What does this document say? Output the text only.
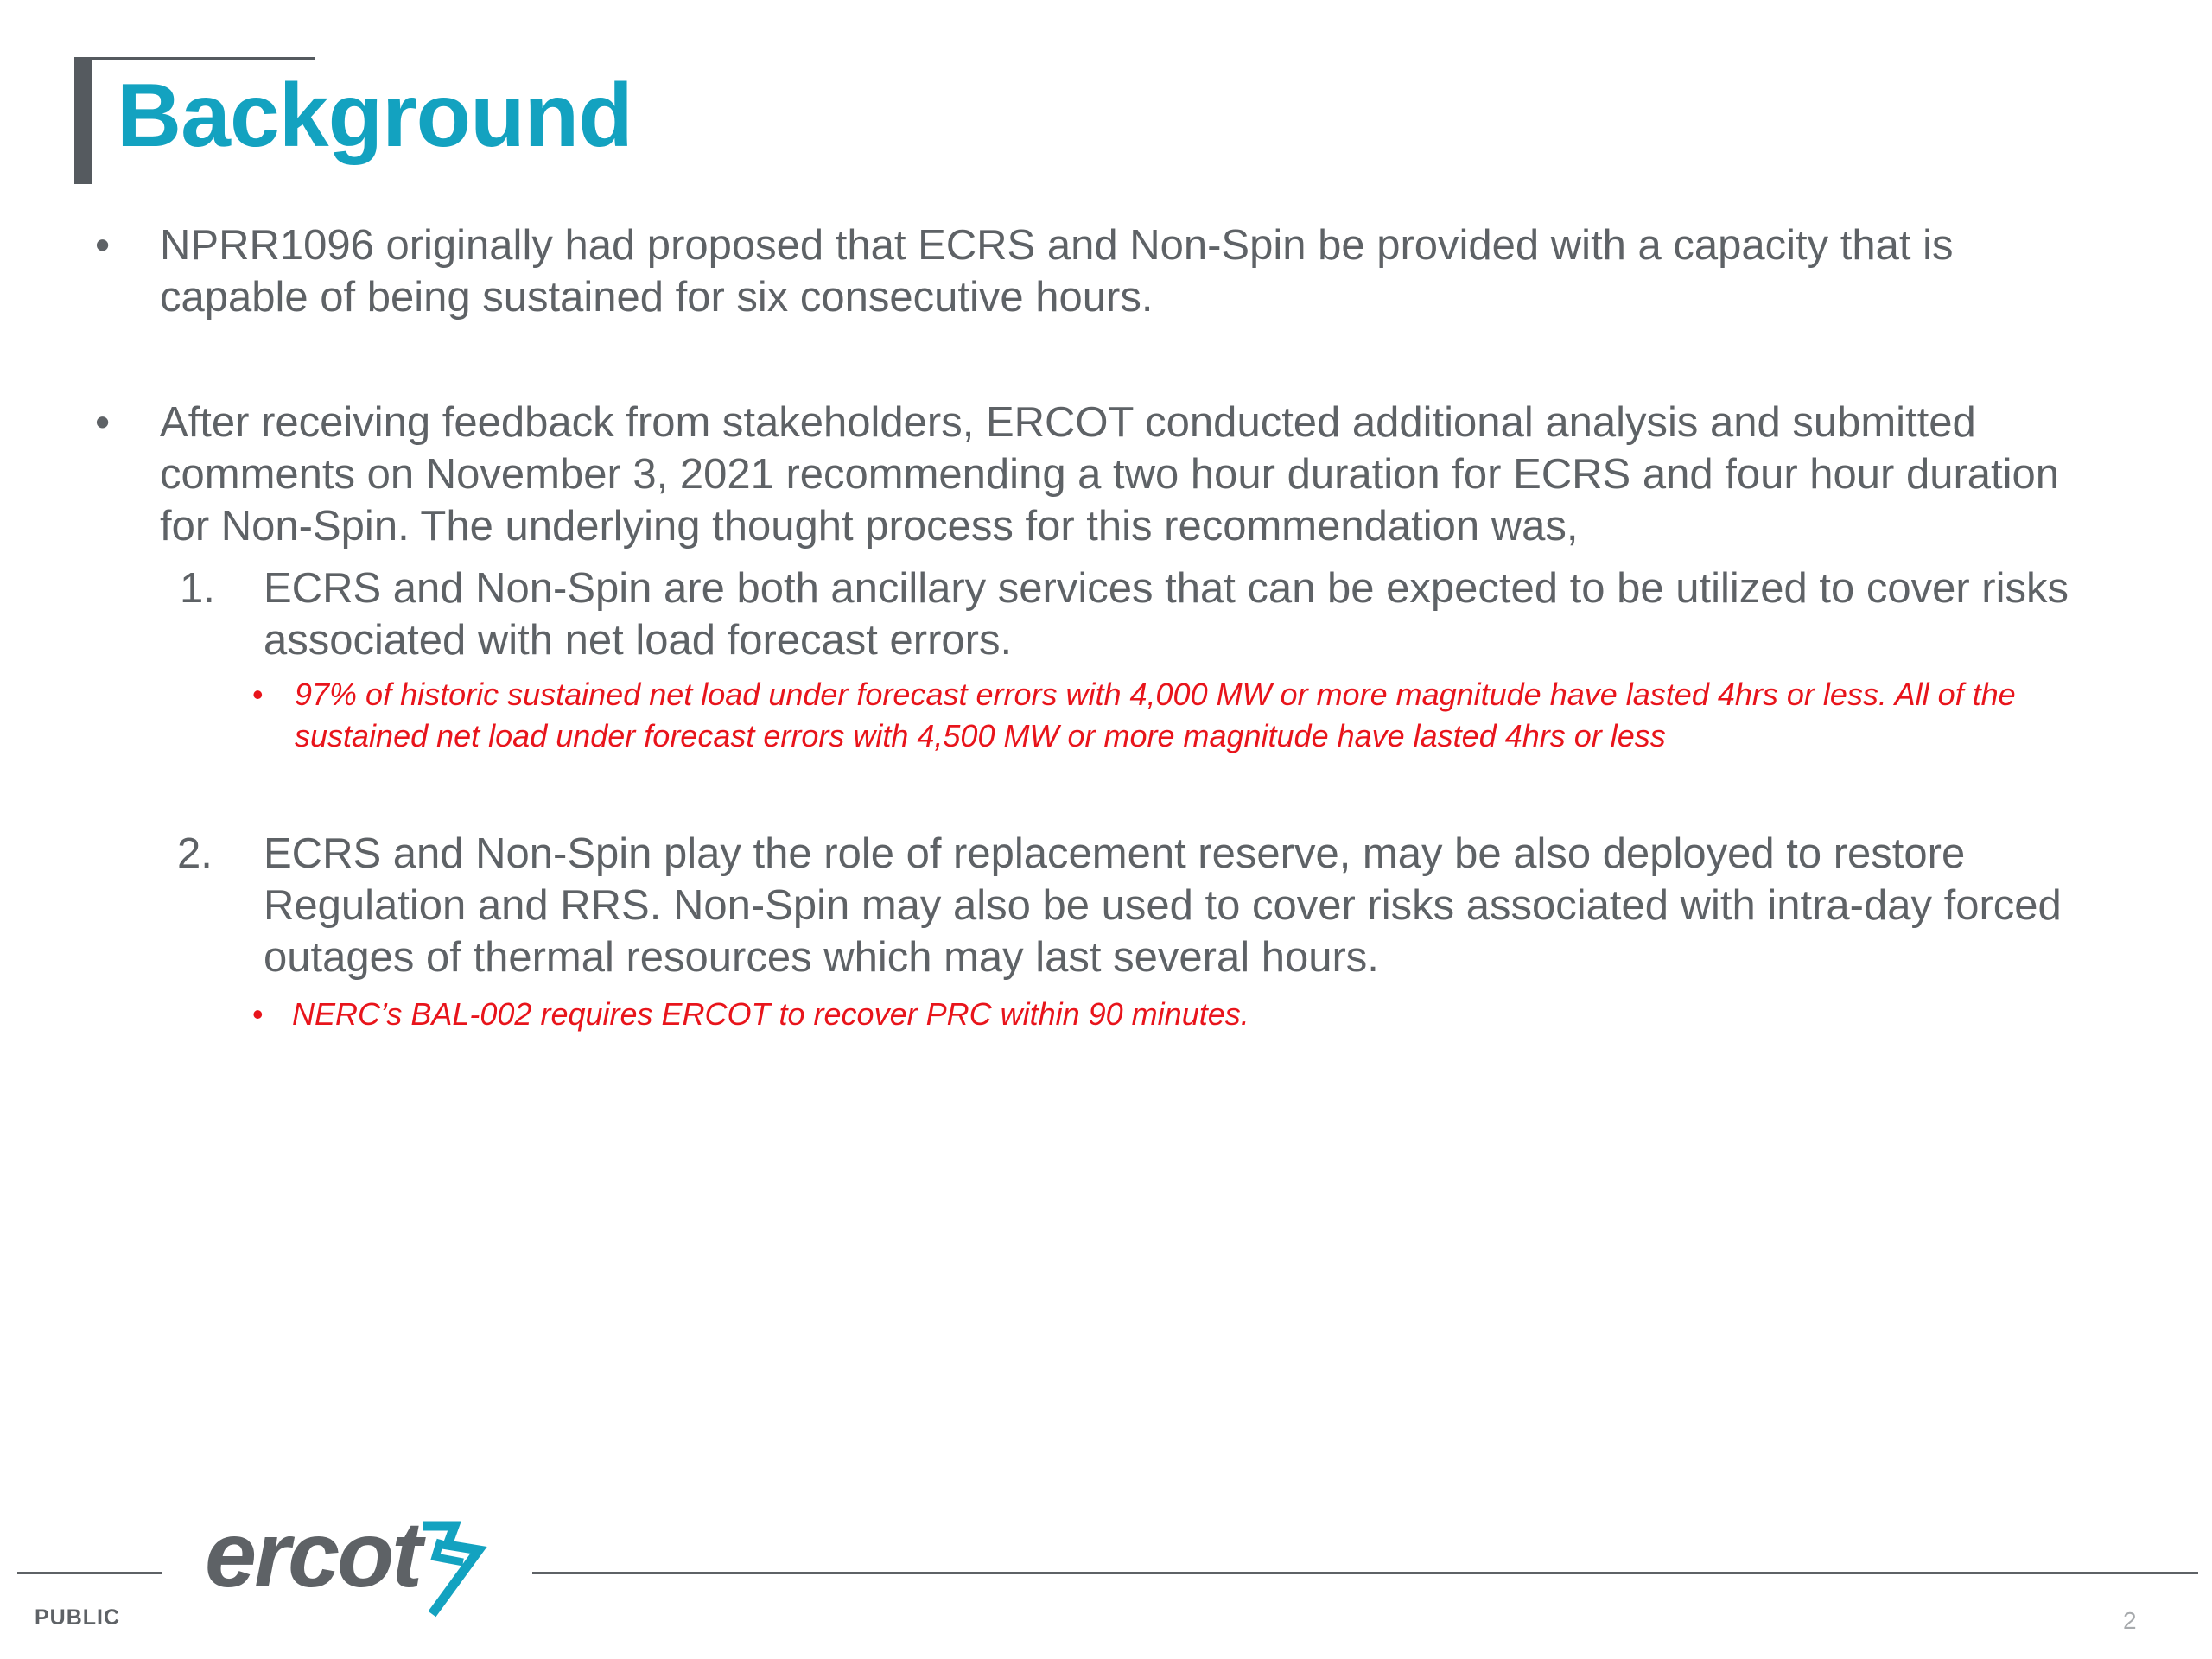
Background
• NPRR1096 originally had proposed that ECRS and Non-Spin be provided with a capacity that is capable of being sustained for six consecutive hours.
• After receiving feedback from stakeholders, ERCOT conducted additional analysis and submitted comments on November 3, 2021 recommending a two hour duration for ECRS and four hour duration for Non-Spin. The underlying thought process for this recommendation was,
1. ECRS and Non-Spin are both ancillary services that can be expected to be utilized to cover risks associated with net load forecast errors.
• 97% of historic sustained net load under forecast errors with 4,000 MW or more magnitude have lasted 4hrs or less. All of the sustained net load under forecast errors with 4,500 MW or more magnitude have lasted 4hrs or less
2. ECRS and Non-Spin play the role of replacement reserve, may be also deployed to restore Regulation and RRS. Non-Spin may also be used to cover risks associated with intra-day forced outages of thermal resources which may last several hours.
• NERC’s BAL-002 requires ERCOT to recover PRC within 90 minutes.
PUBLIC
ercot
2
